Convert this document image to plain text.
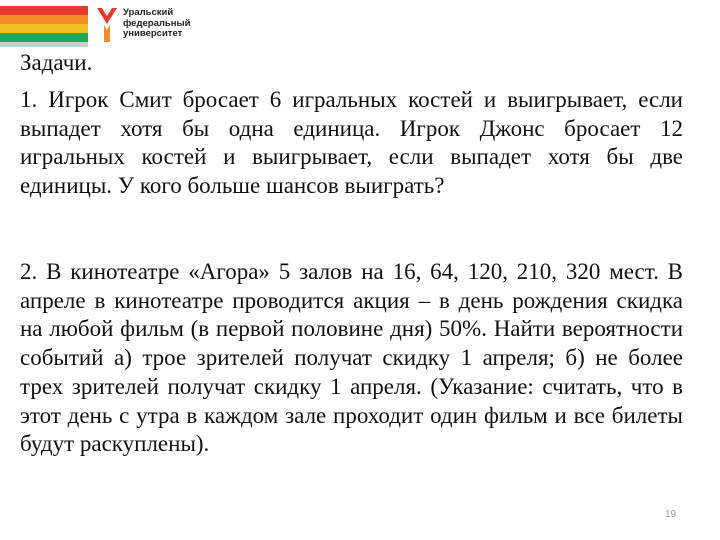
Уральский
федеральный
университет
Задачи.

1. Игрок Смит бросает 6 игральных костей и выигрывает, если выпадет хотя бы одна единица. Игрок Джонс бросает 12 игральных костей и выигрывает, если выпадет хотя бы две единицы. У кого больше шансов выиграть?

2. В кинотеатре «Агора» 5 залов на 16, 64, 120, 210, 320 мест. В апреле в кинотеатре проводится акция – в день рождения скидка на любой фильм (в первой половине дня) 50%. Найти вероятности событий а) трое зрителей получат скидку 1 апреля; б) не более трех зрителей получат скидку 1 апреля. (Указание: считать, что в этот день с утра в каждом зале проходит один фильм и все билеты будут раскуплены).

19
